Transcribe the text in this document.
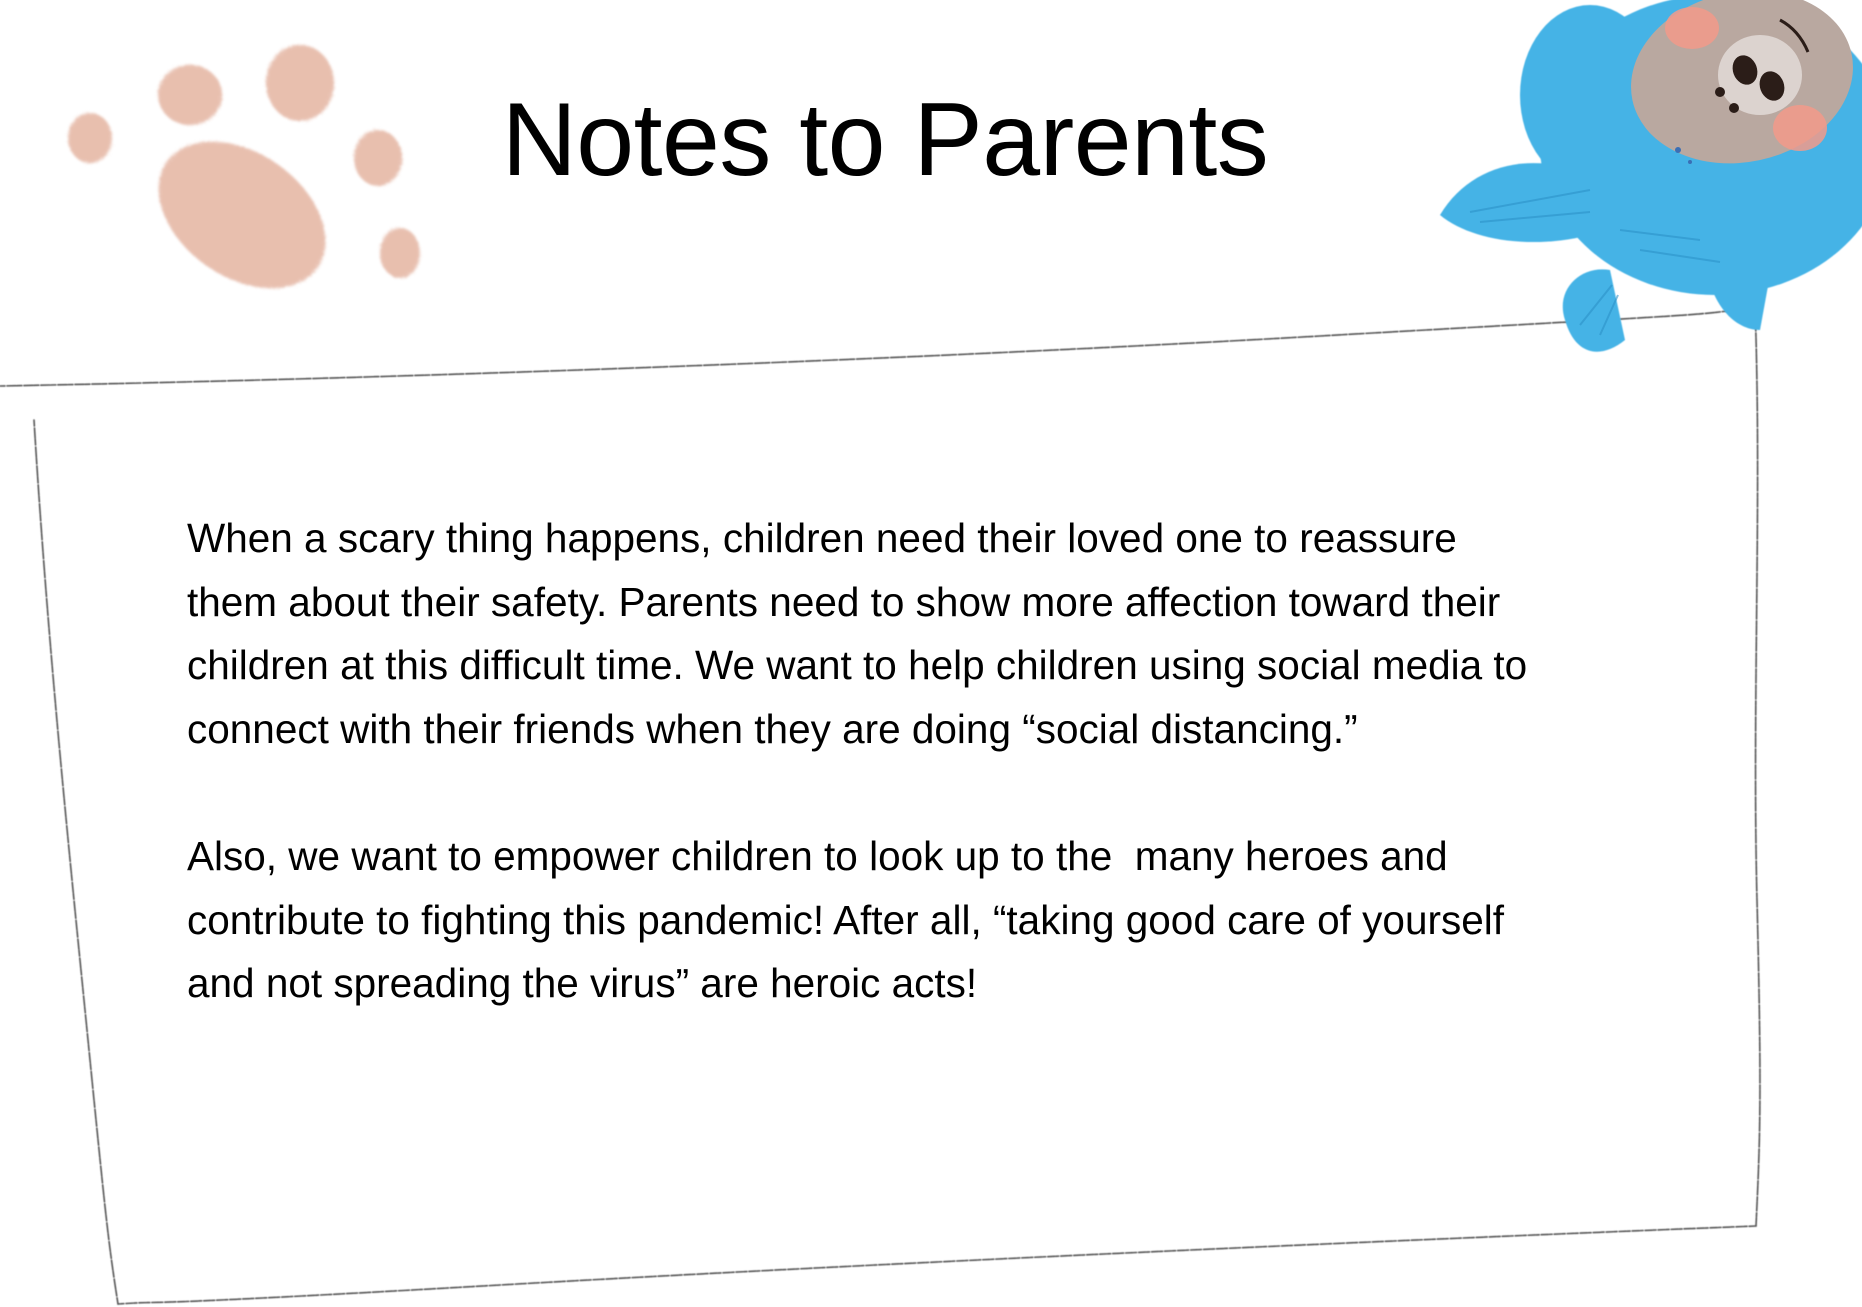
Notes to Parents

When a scary thing happens, children need their loved one to reassure
them about their safety. Parents need to show more affection toward their
children at this difficult time. We want to help children using social media to
connect with their friends when they are doing “social distancing.”

Also, we want to empower children to look up to the  many heroes and
contribute to fighting this pandemic! After all, “taking good care of yourself
and not spreading the virus” are heroic acts!
